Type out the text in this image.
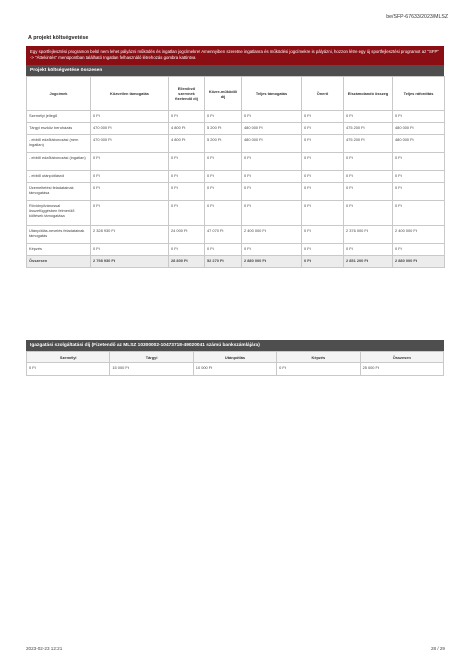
be/SFP-67633/2023/MLSZ
A projekt költségvetése
Egy sportfejlesztési programon belül nem lehet pályázni működés és ingatlan jogcímekre! Amennyiben szeretne ingatlanra és működési jogcímekre is pályázni, hozzon létre egy új sportfejlesztési programot az "SFP" -> "Áttekintés" menüpontban található Ingatlan felhasználó létrehozás gombra kattintva
Projekt költségvetése összesen
Jogcímek	Közvetlen támogatás	Ellenőrző szervnek fizetendő díj	Közre-működői díj	Teljes támogatás	Önerő	Elszámolandó összeg	Teljes ráfordítás
Személyi jellegű	0 Ft	0 Ft	0 Ft	0 Ft	0 Ft	0 Ft	0 Ft
Tárgyi eszköz beruházás	470 000 Ft	4 800 Ft	5 200 Ft	480 000 Ft	0 Ft	475 200 Ft	480 000 Ft
- ebből edzőtáborozási (nem ingatlan)	470 000 Ft	4 800 Ft	5 200 Ft	480 000 Ft	0 Ft	475 200 Ft	480 000 Ft
- ebből edzőtáborozási (ingatlan)	0 Ft	0 Ft	0 Ft	0 Ft	0 Ft	0 Ft	0 Ft
- ebből utánpótlásról	0 Ft	0 Ft	0 Ft	0 Ft	0 Ft	0 Ft	0 Ft
Üzemeltetési feladatainak támogatása	0 Ft	0 Ft	0 Ft	0 Ft	0 Ft	0 Ft	0 Ft
Rövidnyilvánossal összefüggésben felmerülő költések támogatása	0 Ft	0 Ft	0 Ft	0 Ft	0 Ft	0 Ft	0 Ft
Utánpótlás-nevelés feladatainak támogatás	2 328 930 Ft	24 000 Ft	47 070 Ft	2 400 000 Ft	0 Ft	2 376 000 Ft	2 400 000 Ft
Képzés	0 Ft	0 Ft	0 Ft	0 Ft	0 Ft	0 Ft	0 Ft
Összesen	2 798 930 Ft	28 800 Ft	52 270 Ft	2 880 000 Ft	0 Ft	2 851 200 Ft	2 880 000 Ft
Igazgatási szolgáltatási díj (Fizetendő az MLSZ 10300002-10473718-49020041 számú bankszámlájára)
Személyi	Tárgyi	Utánpótlás	Képzés	Összesen
0 Ft	15 000 Ft	10 000 Ft	0 Ft	25 000 Ft
2023-02-23 12:21	28 / 29
